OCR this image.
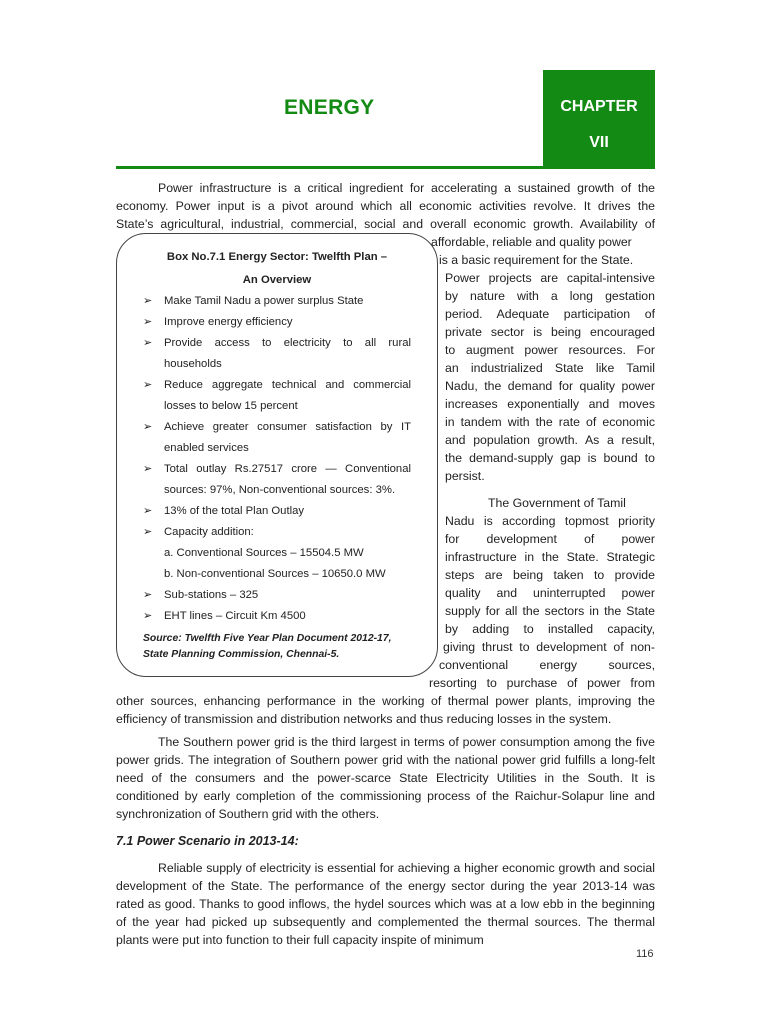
ENERGY	CHAPTER
VII
Power infrastructure is a critical ingredient for accelerating a sustained growth of the
economy. Power input is a pivot around which all economic activities revolve. It drives the
State’s agricultural, industrial, commercial, social and overall economic growth. Availability of
affordable, reliable and quality power
is a basic requirement for the State.
Power projects are capital-intensive
by nature with a long gestation
period. Adequate participation of
private sector is being encouraged
to augment power resources. For
an industrialized State like Tamil
Nadu, the demand for quality power
increases exponentially and moves
in tandem with the rate of economic
and population growth. As a result,
the demand-supply gap is bound to
persist.
The Government of Tamil
Nadu is according topmost priority
for development of power
infrastructure in the State. Strategic
steps are being taken to provide
quality and uninterrupted power
supply for all the sectors in the State
by adding to installed capacity,
giving thrust to development of non-
conventional energy sources,
resorting to purchase of power from
other sources, enhancing performance in the working of thermal power plants, improving the
efficiency of transmission and distribution networks and thus reducing losses in the system.
Box No.7.1 Energy Sector: Twelfth Plan –
An Overview
➢ Make Tamil Nadu a power surplus State
➢ Improve energy efficiency
➢ Provide access to electricity to all rural households
➢ Reduce aggregate technical and commercial losses to below 15 percent
➢ Achieve greater consumer satisfaction by IT enabled services
➢ Total outlay Rs.27517 crore — Conventional sources: 97%, Non-conventional sources: 3%.
➢ 13% of the total Plan Outlay
➢ Capacity addition:
a. Conventional Sources – 15504.5 MW
b. Non-conventional Sources – 10650.0 MW
➢ Sub-stations – 325
➢ EHT lines – Circuit Km 4500
Source: Twelfth Five Year Plan Document 2012-17,
State Planning Commission, Chennai-5.

The Southern power grid is the third largest in terms of power consumption among the five power grids. The integration of Southern power grid with the national power grid fulfills a long-felt need of the consumers and the power-scarce State Electricity Utilities in the South. It is conditioned by early completion of the commissioning process of the Raichur-Solapur line and synchronization of Southern grid with the others.

7.1 Power Scenario in 2013-14:

Reliable supply of electricity is essential for achieving a higher economic growth and social development of the State. The performance of the energy sector during the year 2013-14 was rated as good. Thanks to good inflows, the hydel sources which was at a low ebb in the beginning of the year had picked up subsequently and complemented the thermal sources. The thermal plants were put into function to their full capacity inspite of minimum

116
